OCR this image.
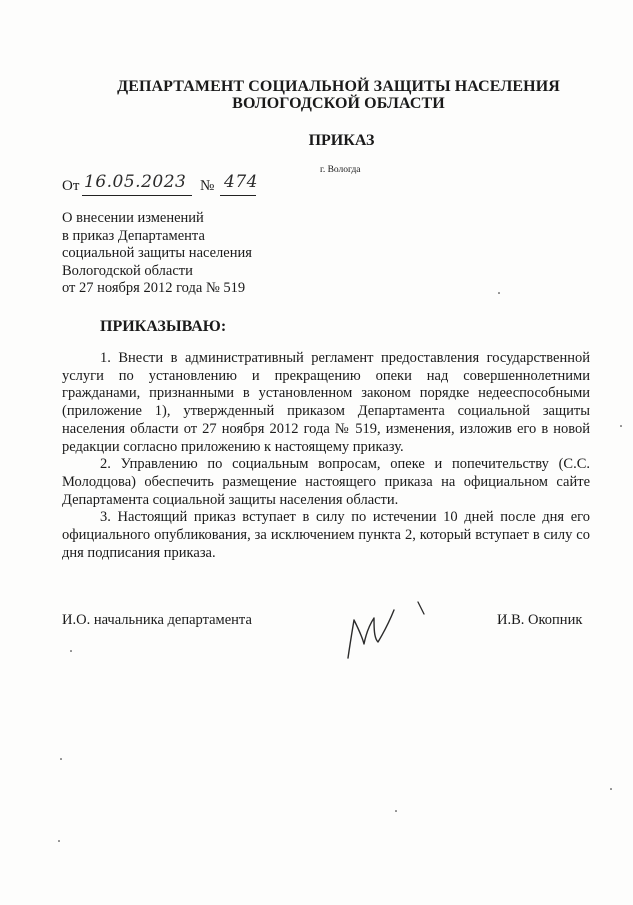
ДЕПАРТАМЕНТ СОЦИАЛЬНОЙ ЗАЩИТЫ НАСЕЛЕНИЯ
ВОЛОГОДСКОЙ ОБЛАСТИ
ПРИКАЗ
г. Вологда
От 16.05.2023 № 474
О внесении изменений
в приказ Департамента
социальной защиты населения
Вологодской области
от 27 ноября 2012 года № 519
ПРИКАЗЫВАЮ:

1. Внести в административный регламент предоставления государственной услуги по установлению и прекращению опеки над совершеннолетними гражданами, признанными в установленном законом порядке недееспособными (приложение 1), утвержденный приказом Департамента социальной защиты населения области от 27 ноября 2012 года № 519, изменения, изложив его в новой редакции согласно приложению к настоящему приказу.

2. Управлению по социальным вопросам, опеке и попечительству (С.С. Молодцова) обеспечить размещение настоящего приказа на официальном сайте Департамента социальной защиты населения области.

3. Настоящий приказ вступает в силу по истечении 10 дней после дня его официального опубликования, за исключением пункта 2, который вступает в силу со дня подписания приказа.

И.О. начальника департамента	И.В. Окопник
